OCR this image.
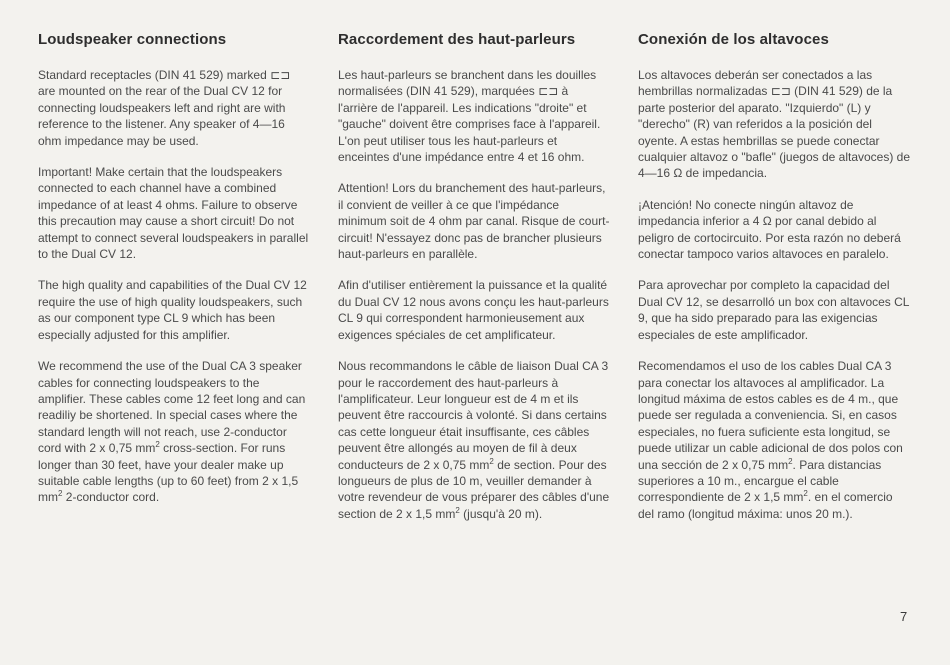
Loudspeaker connections

Standard receptacles (DIN 41 529) marked ⊏⊐ are mounted on the rear of the Dual CV 12 for connecting loudspeakers left and right are with reference to the listener. Any speaker of 4—16 ohm impedance may be used.

Important! Make certain that the loudspeakers connected to each channel have a combined impedance of at least 4 ohms. Failure to observe this precaution may cause a short circuit! Do not attempt to connect several loudspeakers in parallel to the Dual CV 12.

The high quality and capabilities of the Dual CV 12 require the use of high quality loudspeakers, such as our component type CL 9 which has been especially adjusted for this amplifier.

We recommend the use of the Dual CA 3 speaker cables for connecting loudspeakers to the amplifier. These cables come 12 feet long and can readiliy be shortened. In special cases where the standard length will not reach, use 2-conductor cord with 2 x 0,75 $mm^2$ cross-section. For runs longer than 30 feet, have your dealer make up suitable cable lengths (up to 60 feet) from 2 x 1,5 $mm^2$ 2-conductor cord.

Raccordement des haut-parleurs

Les haut-parleurs se branchent dans les douilles normalisées (DIN 41 529), marquées ⊏⊐ à l'arrière de l'appareil. Les indications "droite" et "gauche" doivent être comprises face à l'appareil. L'on peut utiliser tous les haut-parleurs et enceintes d'une impédance entre 4 et 16 ohm.

Attention! Lors du branchement des haut-parleurs, il convient de veiller à ce que l'impédance minimum soit de 4 ohm par canal. Risque de court-circuit! N'essayez donc pas de brancher plusieurs haut-parleurs en parallèle.

Afin d'utiliser entièrement la puissance et la qualité du Dual CV 12 nous avons conçu les haut-parleurs CL 9 qui correspondent harmonieusement aux exigences spéciales de cet amplificateur.

Nous recommandons le câble de liaison Dual CA 3 pour le raccordement des haut-parleurs à l'amplificateur. Leur longueur est de 4 m et ils peuvent être raccourcis à volonté. Si dans certains cas cette longueur était insuffisante, ces câbles peuvent être allongés au moyen de fil à deux conducteurs de 2 x 0,75 $mm^2$ de section. Pour des longueurs de plus de 10 m, veuiller demander à votre revendeur de vous préparer des câbles d'une section de 2 x 1,5 $mm^2$ (jusqu'à 20 m).

Conexión de los altavoces

Los altavoces deberán ser conectados a las hembrillas normalizadas ⊏⊐ (DIN 41 529) de la parte posterior del aparato. "Izquierdo" (L) y "derecho" (R) van referidos a la posición del oyente. A estas hembrillas se puede conectar cualquier altavoz o "bafle" (juegos de altavoces) de 4—16 Ω de impedancia.

¡Atención! No conecte ningún altavoz de impedancia inferior a 4 Ω por canal debido al peligro de cortocircuito. Por esta razón no deberá conectar tampoco varios altavoces en paralelo.

Para aprovechar por completo la capacidad del Dual CV 12, se desarrolló un box con altavoces CL 9, que ha sido preparado para las exigencias especiales de este amplificador.

Recomendamos el uso de los cables Dual CA 3 para conectar los altavoces al amplificador. La longitud máxima de estos cables es de 4 m., que puede ser regulada a conveniencia. Si, en casos especiales, no fuera suficiente esta longitud, se puede utilizar un cable adicional de dos polos con una sección de 2 x 0,75 $mm^2$. Para distancias superiores a 10 m., encargue el cable correspondiente de 2 x 1,5 $mm^2$. en el comercio del ramo (longitud máxima: unos 20 m.).

7
